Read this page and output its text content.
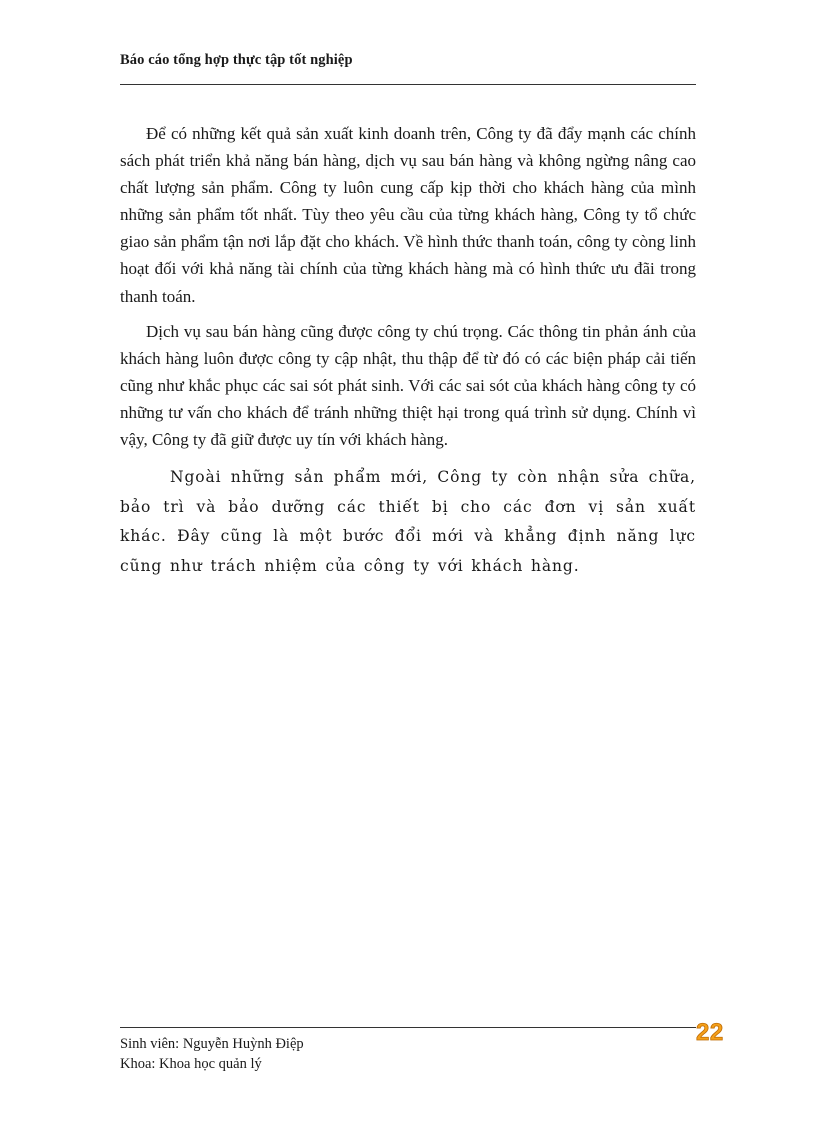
Báo cáo tổng hợp thực tập tốt nghiệp

Để có những kết quả sản xuất kinh doanh trên, Công ty đã đẩy mạnh các chính sách phát triển khả năng bán hàng, dịch vụ sau bán hàng và không ngừng nâng cao chất lượng sản phẩm. Công ty luôn cung cấp kịp thời cho khách hàng của mình những sản phẩm tốt nhất. Tùy theo yêu cầu của từng khách hàng, Công ty tổ chức giao sản phẩm tận nơi lắp đặt cho khách. Về hình thức thanh toán, công ty còng linh hoạt đối với khả năng tài chính của từng khách hàng mà có hình thức ưu đãi trong thanh toán.

Dịch vụ sau bán hàng cũng được công ty chú trọng. Các thông tin phản ánh của khách hàng luôn được công ty cập nhật, thu thập để từ đó có các biện pháp cải tiến cũng như khắc phục các sai sót phát sinh. Với các sai sót của khách hàng công ty có những tư vấn cho khách để tránh những thiệt hại trong quá trình sử dụng. Chính vì vậy, Công ty đã giữ được uy tín với khách hàng.

Ngoài những sản phẩm mới, Công ty còn nhận sửa chữa, bảo trì và bảo dưỡng các thiết bị cho các đơn vị sản xuất khác. Đây cũng là một bước đổi mới và khẳng định năng lực cũng như trách nhiệm của công ty với khách hàng.

22
Sinh viên: Nguyễn Huỳnh Điệp
Khoa: Khoa học quản lý
